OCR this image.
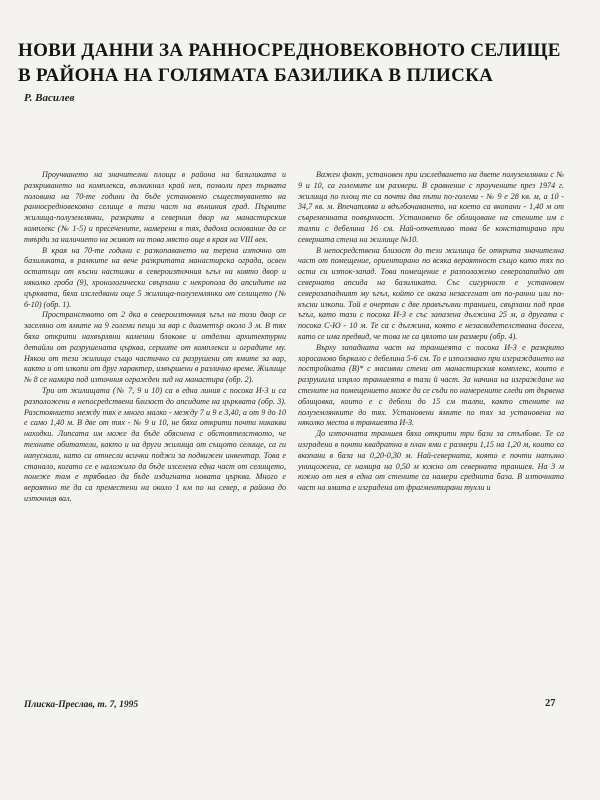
НОВИ ДАННИ ЗА РАННОСРЕДНОВЕКОВНОТО СЕЛИЩЕ
В РАЙОНА НА ГОЛЯМАТА БАЗИЛИКА В ПЛИСКА
Р. Василев

Проучването на значителни площи в района на базиликата и разкриването на комплекса, възникнал край нея, позволи през първата половина на 70-те години да бъде установено съществуването на ранносредновековно селище в тази част на външния град. Първите жилища-полуземлянки, разкрити в северния двор на манастирския комплекс (№ 1-5) и пресечените, намерени в тях, дадоха основание да се твърди за наличието на живот на това място още в края на VIII век.

В края на 70-те години с разкопаването на терена източно от базиликата, в рамките на вече разкритата манастирска ограда, освен остатъци от късни настилки в североизточния ъгъл на която двор и няколко гроба (9), хронологически свързани с некропола до апсидите на църквата, бяха изследвани още 5 жилища-полуземлянки от селището (№ 6-10) (обр. 1).

Пространството от 2 дка в североизточния ъгъл на този двор се заселяно от ямите на 9 големи пещи за вар с диаметър около 3 м. В тях бяха открити нахвърляни каменни блокове и отделни архитектурни детайли от разрушената църква, сериите от комплекса и оградите му. Някои от тези жилища също частично са разрушени от ямите за вар, както и от изкопи от друг характер, извършени в различно време. Жилище № 8 се намира под източния огражден зид на манастира (обр. 2).

Три от жилищата (№ 7, 9 и 10) са в една линия с посока И-З и са разположени в непосредствена близост до апсидите на църквата (обр. 3). Разстоянието между тях е много малко - между 7 и 9 е 3,40, а от 9 до 10 е само 1,40 м. В две от тях - № 9 и 10, не бяха открити почти никакви находки. Липсата им може да бъде обяснена с обстоятелството, че техните обитатели, както и на други жилища от същото селище, са ги напуснали, като са отнесли всички поджи за подвижен инвентар. Това е станало, когато се е наложило да бъде изселена една част от селището, понеже там е трябвало да бъде издигната новата църква. Много е вероятно те да са преместени на около 1 км по на север, в района до източния вал.

Важен факт, установен при изследването на двете полуземлянки с № 9 и 10, са големите им размери. В сравнение с проучените през 1974 г. жилища по площ те са почти два пъти по-големи - № 9 е 28 кв. м, а 10 - 34,7 кв. м. Впечатлява и вдълбочаването, на което са вкопани - 1,40 м от съвременната повърхност. Установено бе облицоване на стените им с талпи с дебелина 16 см. Най-отчетливо това бе констатирано при северната стена на жилище №10.

В непосредствена близост до тези жилища бе открита значителна част от помещение, ориентирано по всяка вероятност също като тях по оста си изток-запад. Това помещение е разположено северозападно от северната апсида на базиликата. Със сигурност е установен северозападният му ъгъл, който се оказа незасегнат от по-ранни или по-късни изкопи. Той е очертан с две правъгълни траншеи, свързани под прав ъгъл, като тази с посока И-З е със запазена дължина 25 м, а другата с посока С-Ю - 10 м. Те са с дължина, която е незасвидетелствана досега, като се има предвид, че това не са цялото им размери (обр. 4).

Върху западната част на траншеята с посока И-З е разкрито хоросаново бъркало с дебелина 5-6 см. То е използвано при изграждането на постройката (В)* с масивни стени от манастирския комплекс, които е разрушила изцяло траншеята в тази й част. За начина на изграждане на стените на помещението може да се съди по намерените следи от дървена облицовка, които е с дебели до 15 см талпи, както стените на полуземлянките до тях. Установени ямите по тях за установена на няколко места в траншеята И-З.

До източната траншея бяха открити три бази за стълбове. Те са изградени в почти квадратна в план ями с размери 1,15 на 1,20 м, които са вкопани в база на 0,20-0,30 м. Най-северната, която е почти напълно унищожена, се намира на 0,50 м южно от северната траншея. На 3 м южно от нея в една от стените са намери среднита база. В източната част на ямата е изградена от фрагментирани тухли и

Плиска-Преслав, т. 7, 1995	27
